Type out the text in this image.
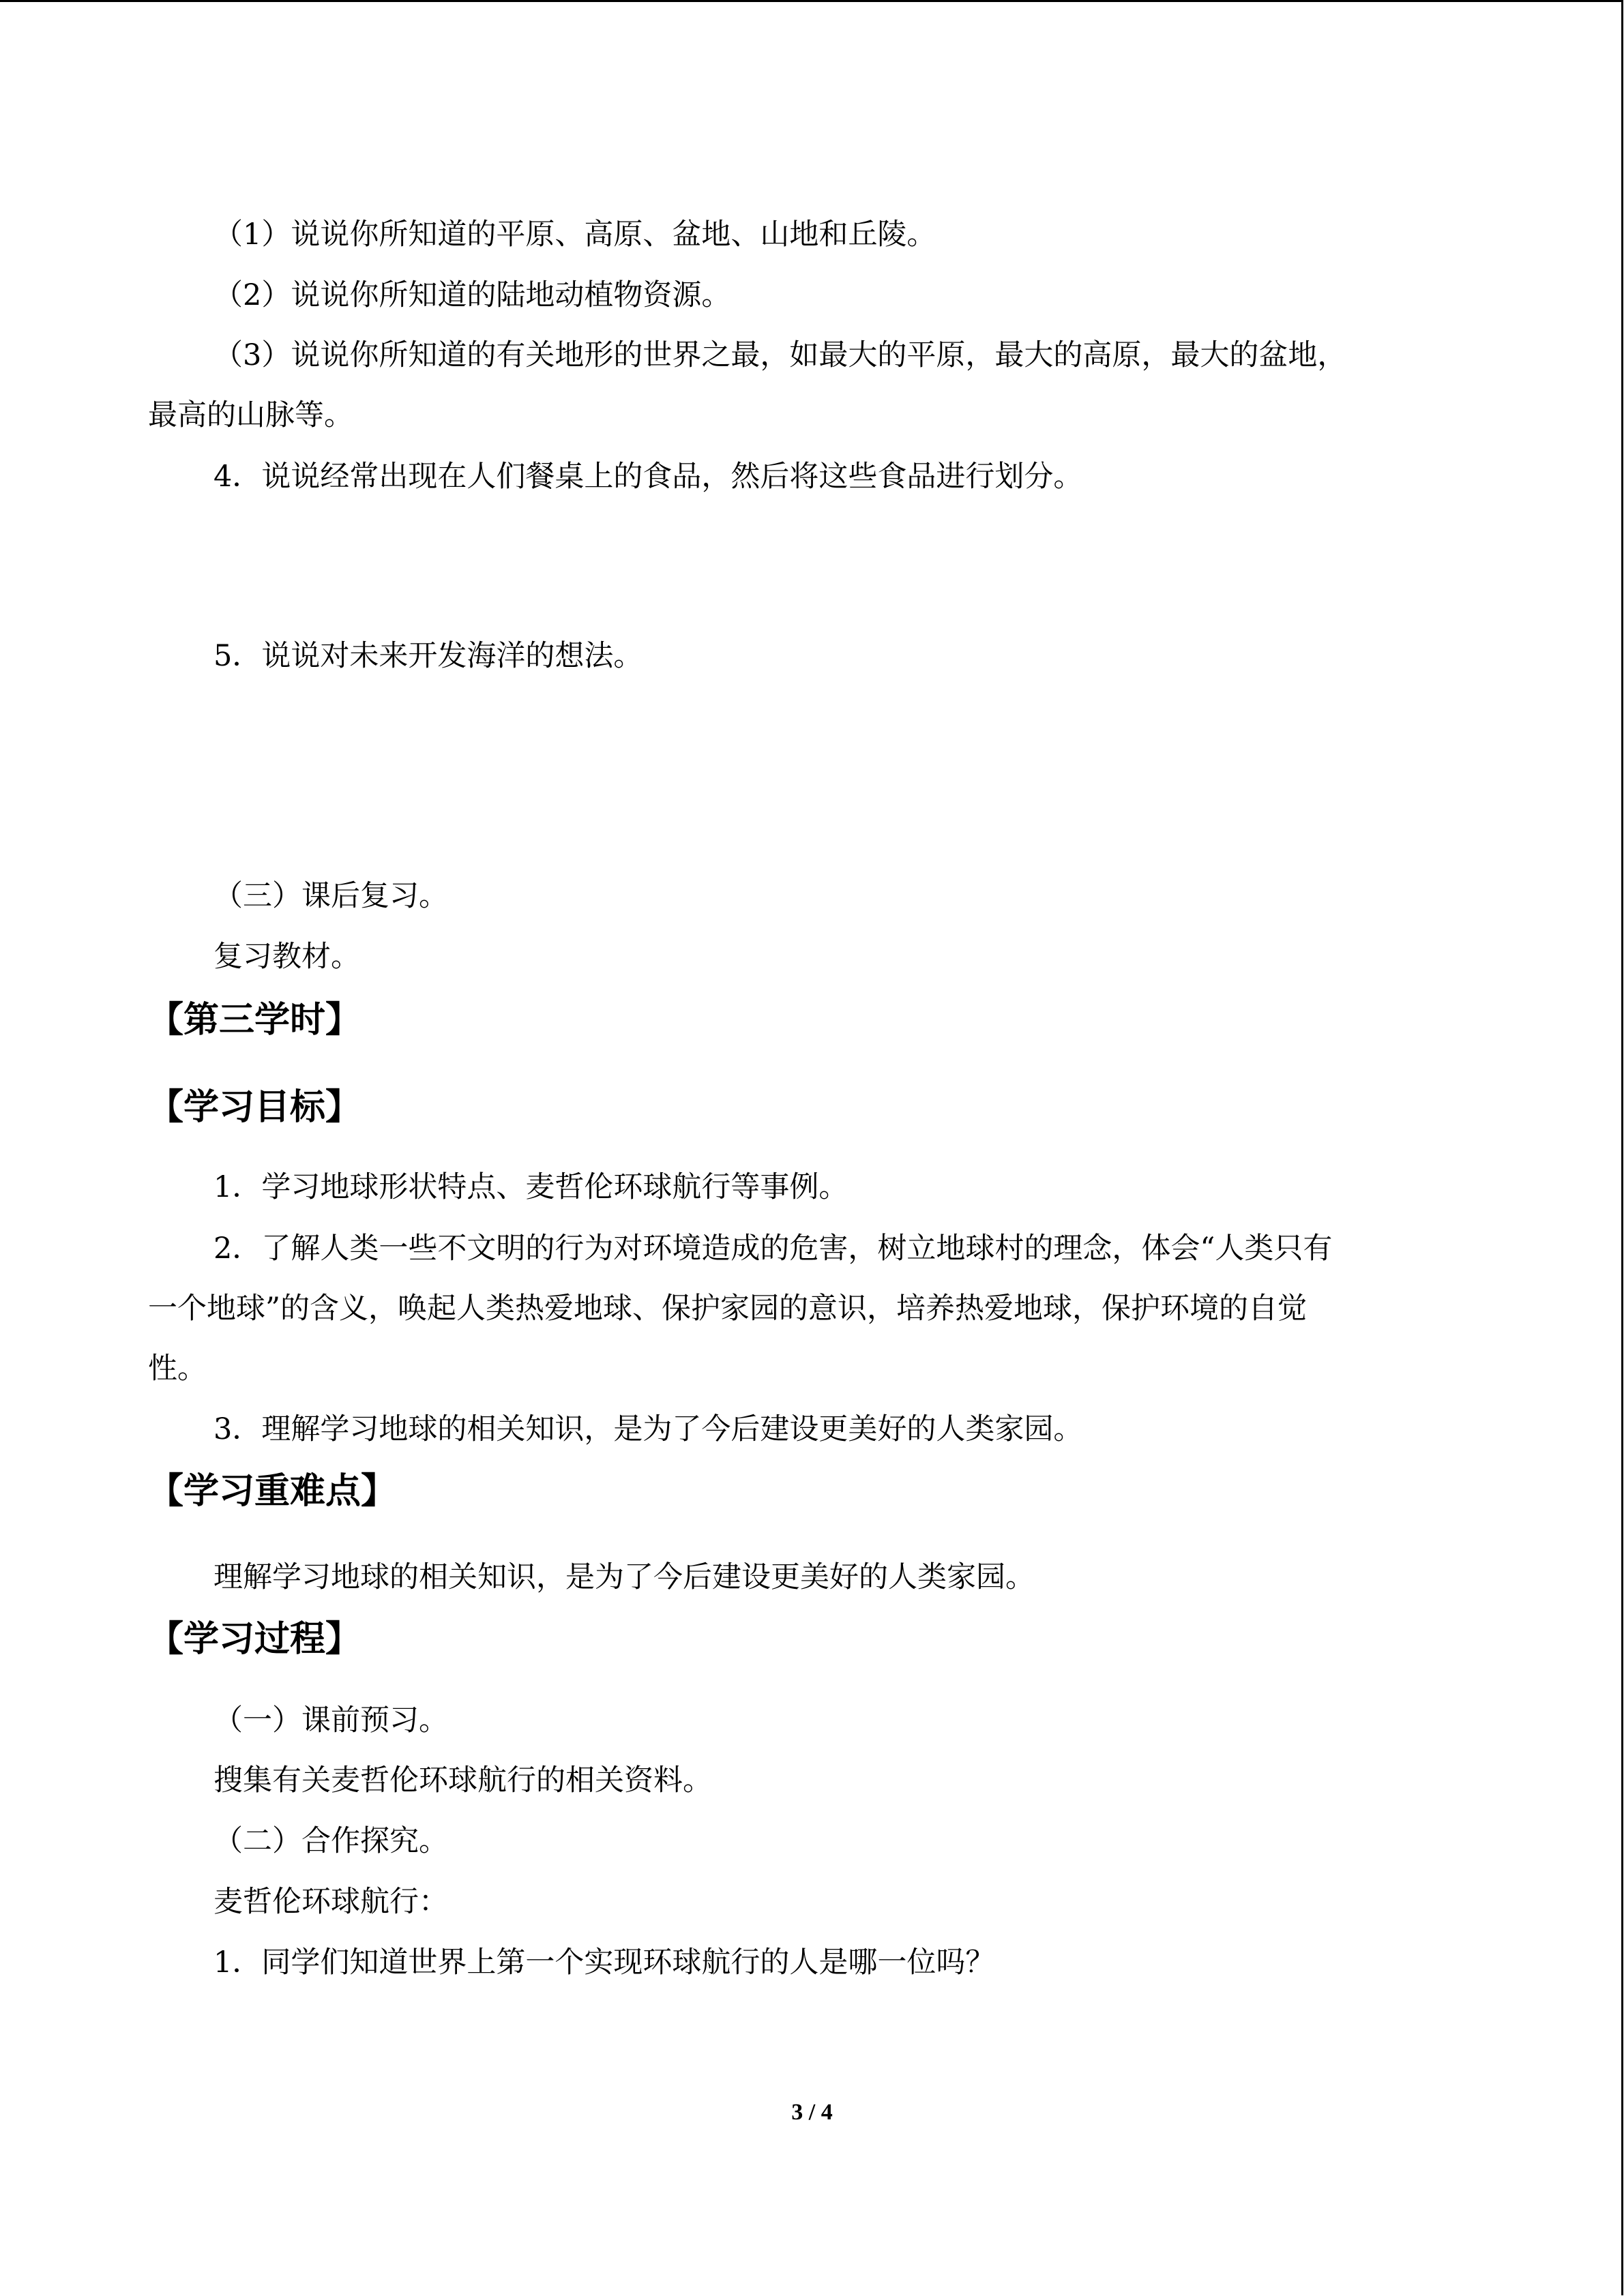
（1）说说你所知道的平原、高原、盆地、山地和丘陵。
（2）说说你所知道的陆地动植物资源。
（3）说说你所知道的有关地形的世界之最，如最大的平原，最大的高原，最大的盆地，
最高的山脉等。
4．说说经常出现在人们餐桌上的食品，然后将这些食品进行划分。
5．说说对未来开发海洋的想法。
（三）课后复习。
复习教材。
【第三学时】
【学习目标】
1．学习地球形状特点、麦哲伦环球航行等事例。
2．了解人类一些不文明的行为对环境造成的危害，树立地球村的理念，体会“人类只有
一个地球”的含义，唤起人类热爱地球、保护家园的意识，培养热爱地球，保护环境的自觉
性。
3．理解学习地球的相关知识，是为了今后建设更美好的人类家园。
【学习重难点】
理解学习地球的相关知识，是为了今后建设更美好的人类家园。
【学习过程】
（一）课前预习。
搜集有关麦哲伦环球航行的相关资料。
（二）合作探究。
麦哲伦环球航行：
1．同学们知道世界上第一个实现环球航行的人是哪一位吗？
3 / 4
